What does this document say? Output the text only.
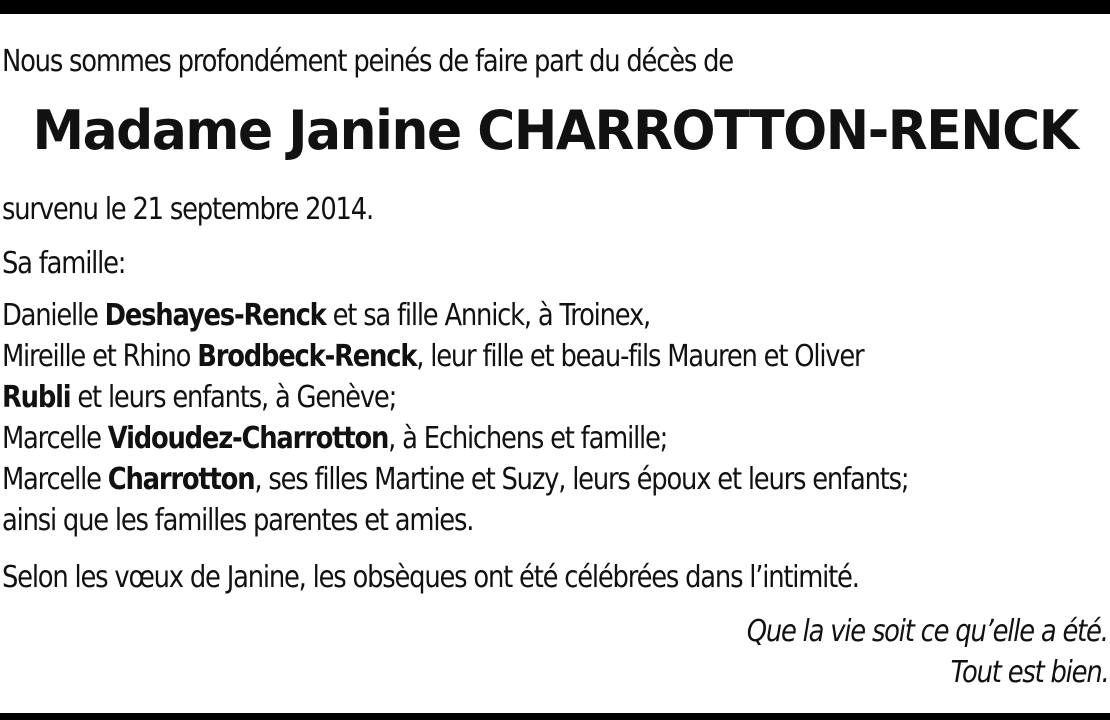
Nous sommes profondément peinés de faire part du décès de
Madame Janine CHARROTTON-RENCK
survenu le 21 septembre 2014.
Sa famille:
Danielle Deshayes-Renck et sa fille Annick, à Troinex,
Mireille et Rhino Brodbeck-Renck, leur fille et beau-fils Mauren et Oliver
Rubli et leurs enfants, à Genève;
Marcelle Vidoudez-Charrotton, à Echichens et famille;
Marcelle Charrotton, ses filles Martine et Suzy, leurs époux et leurs enfants;
ainsi que les familles parentes et amies.
Selon les vœux de Janine, les obsèques ont été célébrées dans l’intimité.
Que la vie soit ce qu’elle a été.
Tout est bien.
